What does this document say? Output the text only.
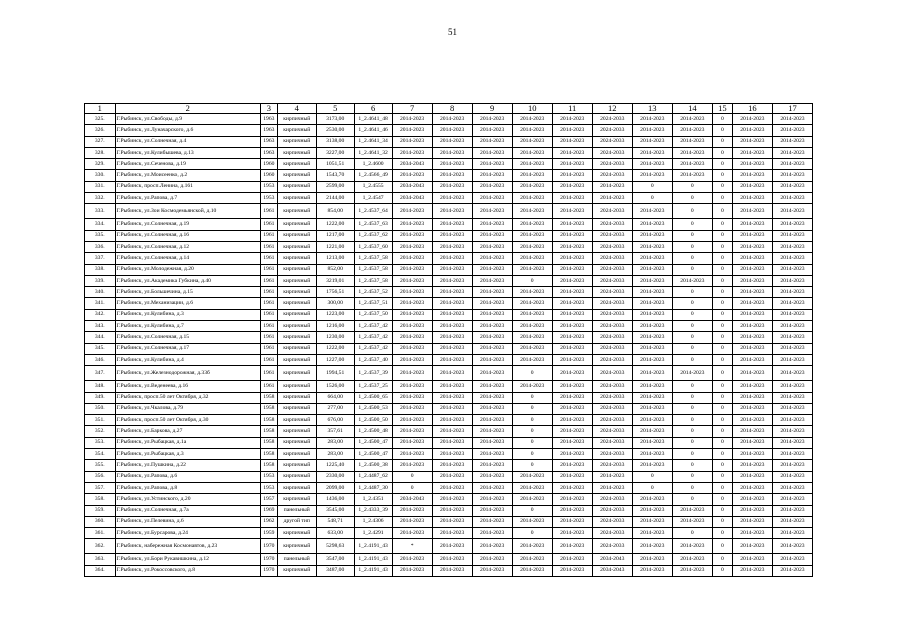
51
1	2	3	4	5	6	7	8	9	10	11	12	13	14	15	16	17
325.	Г.Рыбинск, ул.Свободы, д.9	1963	кирпичный	3173,00	1_2.4641_48	2014-2023	2014-2023	2014-2023	2014-2023	2014-2023	2024-2033	2014-2023	2014-2023	0	2014-2023	2014-2023
326.	Г.Рыбинск, ул.Луначарского, д.6	1963	кирпичный	2530,00	1_2.4641_46	2014-2023	2014-2023	2014-2023	2014-2023	2014-2023	2024-2033	2014-2023	2014-2023	0	2014-2023	2014-2023
327.	Г.Рыбинск, ул.Солнечная, д.4	1963	кирпичный	3138,00	1_2.4641_34	2014-2023	2014-2023	2014-2023	2014-2023	2014-2023	2024-2033	2014-2023	2014-2023	0	2014-2023	2014-2023
328.	Г.Рыбинск, ул.Кулибышева, д.13	1963	кирпичный	3227,00	1_2.4641_32	2014-2023	2014-2023	2014-2023	2014-2023	2014-2023	2024-2033	2014-2023	2014-2023	0	2014-2023	2014-2023
329.	Г.Рыбинск, ул.Сеченова, д.19	1960	кирпичный	1051,51	1_2.4600	2034-2043	2014-2023	2014-2023	2014-2023	2014-2023	2024-2033	2014-2023	2014-2023	0	2014-2023	2014-2023
330.	Г.Рыбинск, ул.Моисеенко, д.2	1960	кирпичный	1543,70	1_2.4566_49	2014-2023	2014-2023	2014-2023	2014-2023	2014-2023	2024-2033	2014-2023	2014-2023	0	2014-2023	2014-2023
331.	Г.Рыбинск, просп.Ленина, д.161	1953	кирпичный	2599,00	1_2.4555	2034-2043	2014-2023	2014-2023	2014-2023	2014-2023	2014-2023	0	0	0	2014-2023	2014-2023
332.	Г.Рыбинск, ул.Рапова, д.7	1953	кирпичный	2144,00	1_2.4547	2034-2043	2014-2023	2014-2023	2014-2023	2014-2023	2014-2023	0	0	0	2014-2023	2014-2023
333.	Г.Рыбинск, ул.Зои Космодемьянской, д.10	1961	кирпичный	854,00	1_2.4537_64	2014-2023	2014-2023	2014-2023	2014-2023	2014-2023	2024-2033	2014-2023	0	0	2014-2023	2014-2023
334.	Г.Рыбинск, ул.Солнечная, д.19	1961	кирпичный	1222,00	1_2.4537_63	2014-2023	2014-2023	2014-2023	2014-2023	2014-2023	2024-2033	2014-2023	0	0	2014-2023	2014-2023
335.	Г.Рыбинск, ул.Солнечная, д.16	1961	кирпичный	1217,00	1_2.4537_62	2014-2023	2014-2023	2014-2023	2014-2023	2014-2023	2024-2033	2014-2023	0	0	2014-2023	2014-2023
336.	Г.Рыбинск, ул.Солнечная, д.12	1961	кирпичный	1221,00	1_2.4537_60	2014-2023	2014-2023	2014-2023	2014-2023	2014-2023	2024-2033	2014-2023	0	0	2014-2023	2014-2023
337.	Г.Рыбинск, ул.Солнечная, д.14	1961	кирпичный	1213,00	1_2.4537_58	2014-2023	2014-2023	2014-2023	2014-2023	2014-2023	2024-2033	2014-2023	0	0	2014-2023	2014-2023
338.	Г.Рыбинск, ул.Молодежная, д.20	1961	кирпичный	852,00	1_2.4537_58	2014-2023	2014-2023	2014-2023	2014-2023	2014-2023	2024-2033	2014-2023	0	0	2014-2023	2014-2023
339.	Г.Рыбинск, ул.Академика Губкина, д.40	1961	кирпичный	3219,01	1_2.4537_58	2014-2023	2014-2023	2014-2023	0	2014-2023	2024-2033	2014-2023	2014-2023	0	2014-2023	2014-2023
340.	Г.Рыбинск, ул.Большечина, д.15	1961	кирпичный	1756,51	1_2.4537_52	2014-2023	2014-2023	2014-2023	2014-2023	2014-2023	2024-2033	2014-2023	0	0	2014-2023	2014-2023
341.	Г.Рыбинск, ул.Механизации, д.6	1961	кирпичный	300,00	1_2.4537_51	2014-2023	2014-2023	2014-2023	2014-2023	2014-2023	2024-2033	2014-2023	0	0	2014-2023	2014-2023
342.	Г.Рыбинск, ул.Кулибина, д.3	1961	кирпичный	1223,00	1_2.4537_50	2014-2023	2014-2023	2014-2023	2014-2023	2014-2023	2024-2033	2014-2023	0	0	2014-2023	2014-2023
343.	Г.Рыбинск, ул.Кулибина, д.7	1961	кирпичный	1216,00	1_2.4537_42	2014-2023	2014-2023	2014-2023	2014-2023	2014-2023	2024-2033	2014-2023	0	0	2014-2023	2014-2023
344.	Г.Рыбинск, ул.Солнечная, д.15	1961	кирпичный	1230,00	1_2.4537_42	2014-2023	2014-2023	2014-2023	2014-2023	2014-2023	2024-2033	2014-2023	0	0	2014-2023	2014-2023
345.	Г.Рыбинск, ул.Солнечная, д.17	1961	кирпичный	1222,00	1_2.4537_42	2014-2023	2014-2023	2014-2023	2014-2023	2014-2023	2024-2033	2014-2023	0	0	2014-2023	2014-2023
346.	Г.Рыбинск, ул.Кулибина, д.4	1961	кирпичный	1227,00	1_2.4537_40	2014-2023	2014-2023	2014-2023	2014-2023	2014-2023	2024-2033	2014-2023	0	0	2014-2023	2014-2023
347.	Г.Рыбинск, ул.Железнодорожная, д.33б	1961	кирпичный	1994,51	1_2.4537_39	2014-2023	2014-2023	2014-2023	0	2014-2023	2024-2033	2014-2023	2014-2023	0	2014-2023	2014-2023
348.	Г.Рыбинск, ул.Веденеева, д.16	1961	кирпичный	1526,00	1_2.4537_25	2014-2023	2014-2023	2014-2023	2014-2023	2014-2023	2024-2033	2014-2023	0	0	2014-2023	2014-2023
349.	Г.Рыбинск, просп.50 лет Октября, д.32	1958	кирпичный	664,00	1_2.4500_65	2014-2023	2014-2023	2014-2023	0	2014-2023	2024-2033	2014-2023	0	0	2014-2023	2014-2023
350.	Г.Рыбинск, ул.Чкалова, д.79	1958	кирпичный	277,00	1_2.4500_53	2014-2023	2014-2023	2014-2023	0	2014-2023	2024-2033	2014-2023	0	0	2014-2023	2014-2023
351.	Г.Рыбинск, просп.50 лет Октября, д.30	1958	кирпичный	676,00	1_2.4500_50	2014-2023	2014-2023	2014-2023	0	2014-2023	2024-2033	2014-2023	0	0	2014-2023	2014-2023
352.	Г.Рыбинск, ул.Баркова, д.27	1958	кирпичный	357,61	1_2.4500_48	2014-2023	2014-2023	2014-2023	0	2014-2023	2024-2033	2014-2023	0	0	2014-2023	2014-2023
353.	Г.Рыбинск, ул.Рыбацкая, д.1а	1958	кирпичный	283,00	1_2.4500_47	2014-2023	2014-2023	2014-2023	0	2014-2023	2024-2033	2014-2023	0	0	2014-2023	2014-2023
354.	Г.Рыбинск, ул.Рыбацкая, д.3	1958	кирпичный	283,00	1_2.4500_47	2014-2023	2014-2023	2014-2023	0	2014-2023	2024-2033	2014-2023	0	0	2014-2023	2014-2023
355.	Г.Рыбинск, ул.Пушкина, д.22	1958	кирпичный	1225,40	1_2.4500_38	2014-2023	2014-2023	2014-2023	0	2014-2023	2024-2033	2014-2023	0	0	2014-2023	2014-2023
356.	Г.Рыбинск, ул.Рапова, д.6	1953	кирпичный	2330,00	1_2.4487_62	0	2014-2023	2014-2023	2014-2023	2014-2023	2014-2023	0	0	0	2014-2023	2014-2023
357.	Г.Рыбинск, ул.Рапова, д.8	1953	кирпичный	2099,00	1_2.4487_30	0	2014-2023	2014-2023	2014-2023	2014-2023	2014-2023	0	0	0	2014-2023	2014-2023
358.	Г.Рыбинск, ул.Устинского, д.20	1957	кирпичный	1436,00	1_2.4351	2034-2043	2014-2023	2014-2023	2014-2023	2014-2023	2024-2033	2014-2023	0	0	2014-2023	2014-2023
359.	Г.Рыбинск, ул.Солнечная, д.7а	1969	панельный	3545,00	1_2.4333_39	2014-2023	2014-2023	2014-2023	0	2014-2023	2024-2033	2014-2023	2014-2023	0	2014-2023	2014-2023
360.	Г.Рыбинск, ул.Пелевина, д.6	1962	другой тип	548,71	1_2.4306	2014-2023	2014-2023	2014-2023	2014-2023	2014-2023	2024-2033	2014-2023	2014-2023	0	2014-2023	2014-2023
361.	Г.Рыбинск, ул.Бурсарова, д.24	1959	кирпичный	633,00	1_2.4291	2014-2023	2014-2023	2014-2023	0	2014-2023	2024-2033	2014-2023	0	0	2014-2023	2014-2023
362.	Г.Рыбинск, набережная Космонавтов, д.23	1970	кирпичный	5298,63	1_2.4191_43	*	2014-2023	2014-2023	2014-2023	2014-2023	2024-2033	2014-2023	2014-2023	0	2014-2023	2014-2023
363.	Г.Рыбинск, ул.Бори Рукавишкина, д.12	1970	панельный	3547,00	1_2.4191_43	2014-2023	2014-2023	2014-2023	2014-2023	2014-2023	2034-2043	2014-2023	2014-2023	0	2014-2023	2014-2023
364.	Г.Рыбинск, ул.Рокоссовского, д.8	1970	кирпичный	3487,00	1_2.4191_43	2014-2023	2014-2023	2014-2023	2014-2023	2014-2023	2034-2043	2014-2023	2014-2023	0	2014-2023	2014-2023
